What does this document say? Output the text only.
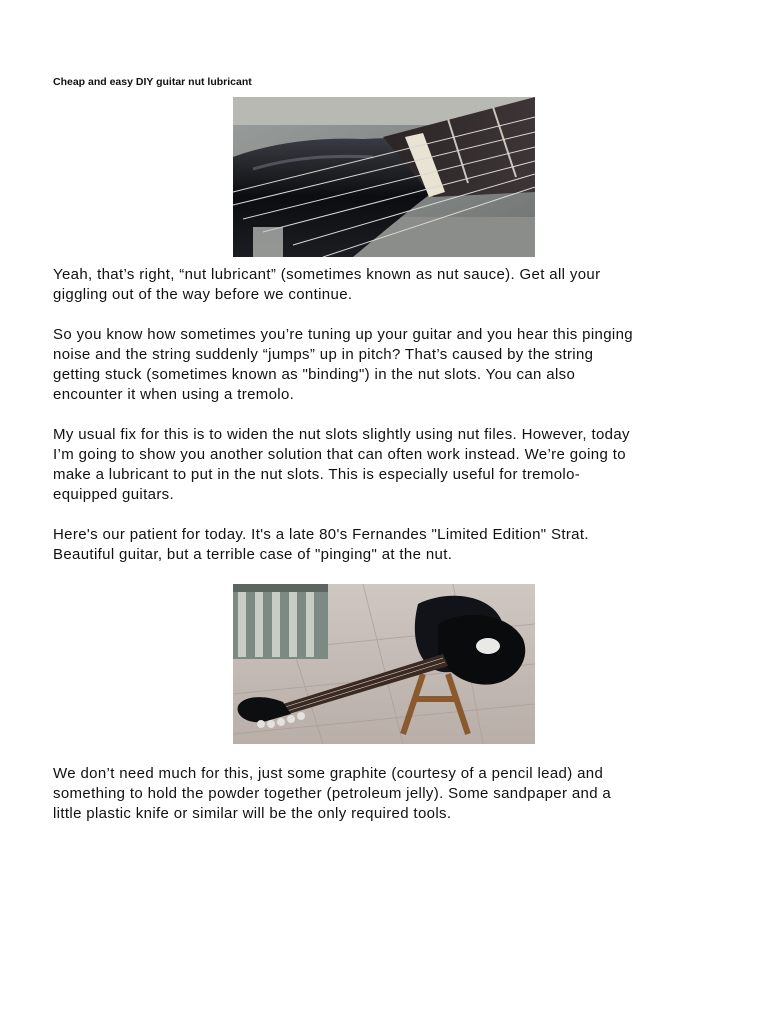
Cheap and easy DIY guitar nut lubricant
Yeah, that’s right, “nut lubricant” (sometimes known as nut sauce). Get all your
giggling out of the way before we continue.
So you know how sometimes you’re tuning up your guitar and you hear this pinging
noise and the string suddenly “jumps” up in pitch? That’s caused by the string
getting stuck (sometimes known as "binding") in the nut slots. You can also
encounter it when using a tremolo.
My usual fix for this is to widen the nut slots slightly using nut files. However, today
I’m going to show you another solution that can often work instead. We’re going to
make a lubricant to put in the nut slots. This is especially useful for tremolo-
equipped guitars.
Here's our patient for today. It's a late 80's Fernandes "Limited Edition" Strat.
Beautiful guitar, but a terrible case of "pinging" at the nut.
We don’t need much for this, just some graphite (courtesy of a pencil lead) and
something to hold the powder together (petroleum jelly). Some sandpaper and a
little plastic knife or similar will be the only required tools.
